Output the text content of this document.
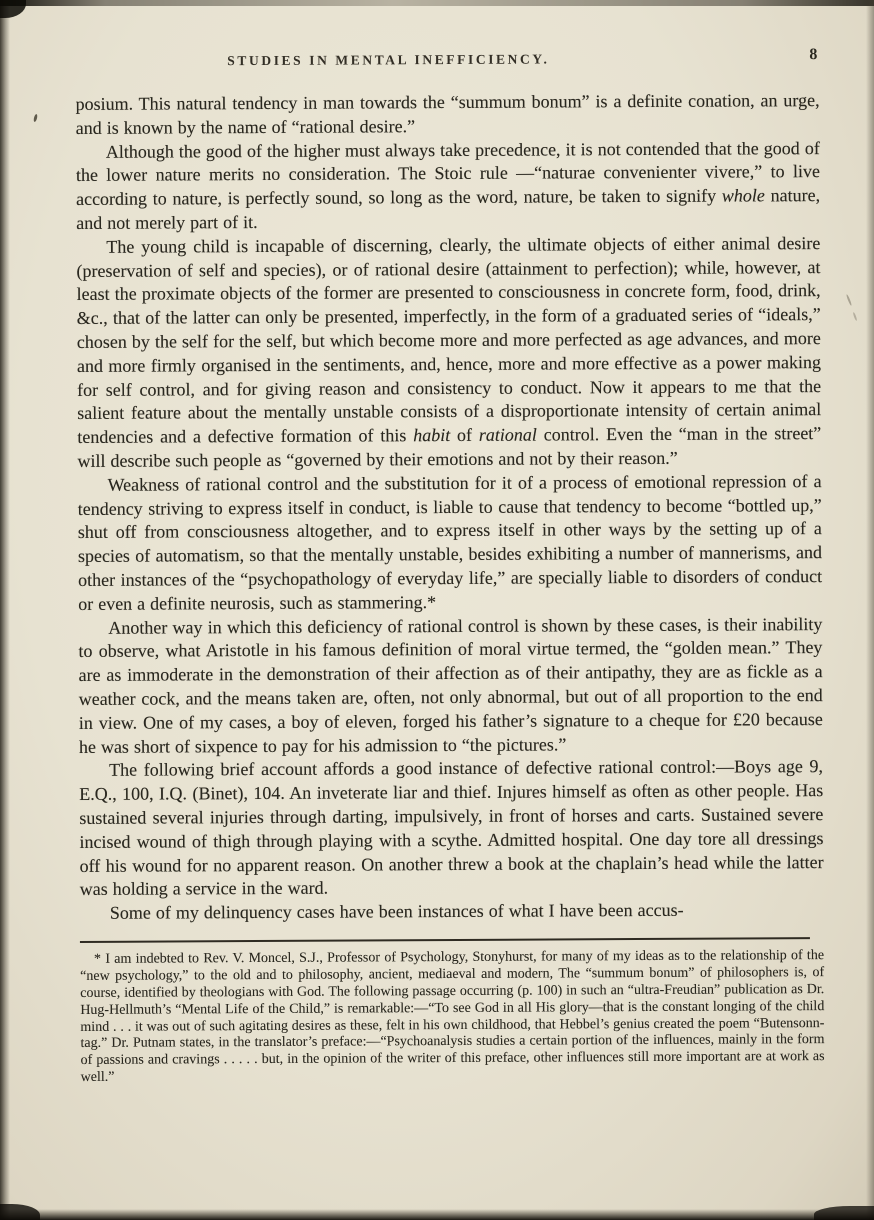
STUDIES IN MENTAL INEFFICIENCY.	8

posium. This natural tendency in man towards the “summum bonum” is a definite conation, an urge, and is known by the name of “rational desire.”

Although the good of the higher must always take precedence, it is not contended that the good of the lower nature merits no consideration. The Stoic rule —“naturae convenienter vivere,” to live according to nature, is perfectly sound, so long as the word, nature, be taken to signify whole nature, and not merely part of it.

The young child is incapable of discerning, clearly, the ultimate objects of either animal desire (preservation of self and species), or of rational desire (attainment to perfection); while, however, at least the proximate objects of the former are presented to consciousness in concrete form, food, drink, &c., that of the latter can only be presented, imperfectly, in the form of a graduated series of “ideals,” chosen by the self for the self, but which become more and more perfected as age advances, and more and more firmly organised in the sentiments, and, hence, more and more effective as a power making for self control, and for giving reason and consistency to conduct. Now it appears to me that the salient feature about the mentally unstable consists of a disproportionate intensity of certain animal tendencies and a defective formation of this habit of rational control. Even the “man in the street” will describe such people as “governed by their emotions and not by their reason.”

Weakness of rational control and the substitution for it of a process of emotional repression of a tendency striving to express itself in conduct, is liable to cause that tendency to become “bottled up,” shut off from consciousness altogether, and to express itself in other ways by the setting up of a species of automatism, so that the mentally unstable, besides exhibiting a number of mannerisms, and other instances of the “psychopathology of everyday life,” are specially liable to disorders of conduct or even a definite neurosis, such as stammering.*

Another way in which this deficiency of rational control is shown by these cases, is their inability to observe, what Aristotle in his famous definition of moral virtue termed, the “golden mean.” They are as immoderate in the demonstration of their affection as of their antipathy, they are as fickle as a weather cock, and the means taken are, often, not only abnormal, but out of all proportion to the end in view. One of my cases, a boy of eleven, forged his father’s signature to a cheque for £20 because he was short of sixpence to pay for his admission to “the pictures.”

The following brief account affords a good instance of defective rational control:—Boys age 9, E.Q., 100, I.Q. (Binet), 104. An inveterate liar and thief. Injures himself as often as other people. Has sustained several injuries through darting, impulsively, in front of horses and carts. Sustained severe incised wound of thigh through playing with a scythe. Admitted hospital. One day tore all dressings off his wound for no apparent reason. On another threw a book at the chaplain’s head while the latter was holding a service in the ward.

Some of my delinquency cases have been instances of what I have been accus-

* I am indebted to Rev. V. Moncel, S.J., Professor of Psychology, Stonyhurst, for many of my ideas as to the relationship of the “new psychology,” to the old and to philosophy, ancient, mediaeval and modern, The “summum bonum” of philosophers is, of course, identified by theologians with God. The following passage occurring (p. 100) in such an “ultra-Freudian” publication as Dr. Hug-Hellmuth’s “Mental Life of the Child,” is remarkable:—“To see God in all His glory—that is the constant longing of the child mind . . . it was out of such agitating desires as these, felt in his own childhood, that Hebbel’s genius created the poem “Butensonn-tag.” Dr. Putnam states, in the translator’s preface:—“Psychoanalysis studies a certain portion of the influences, mainly in the form of passions and cravings . . . . . but, in the opinion of the writer of this preface, other influences still more important are at work as well.”
